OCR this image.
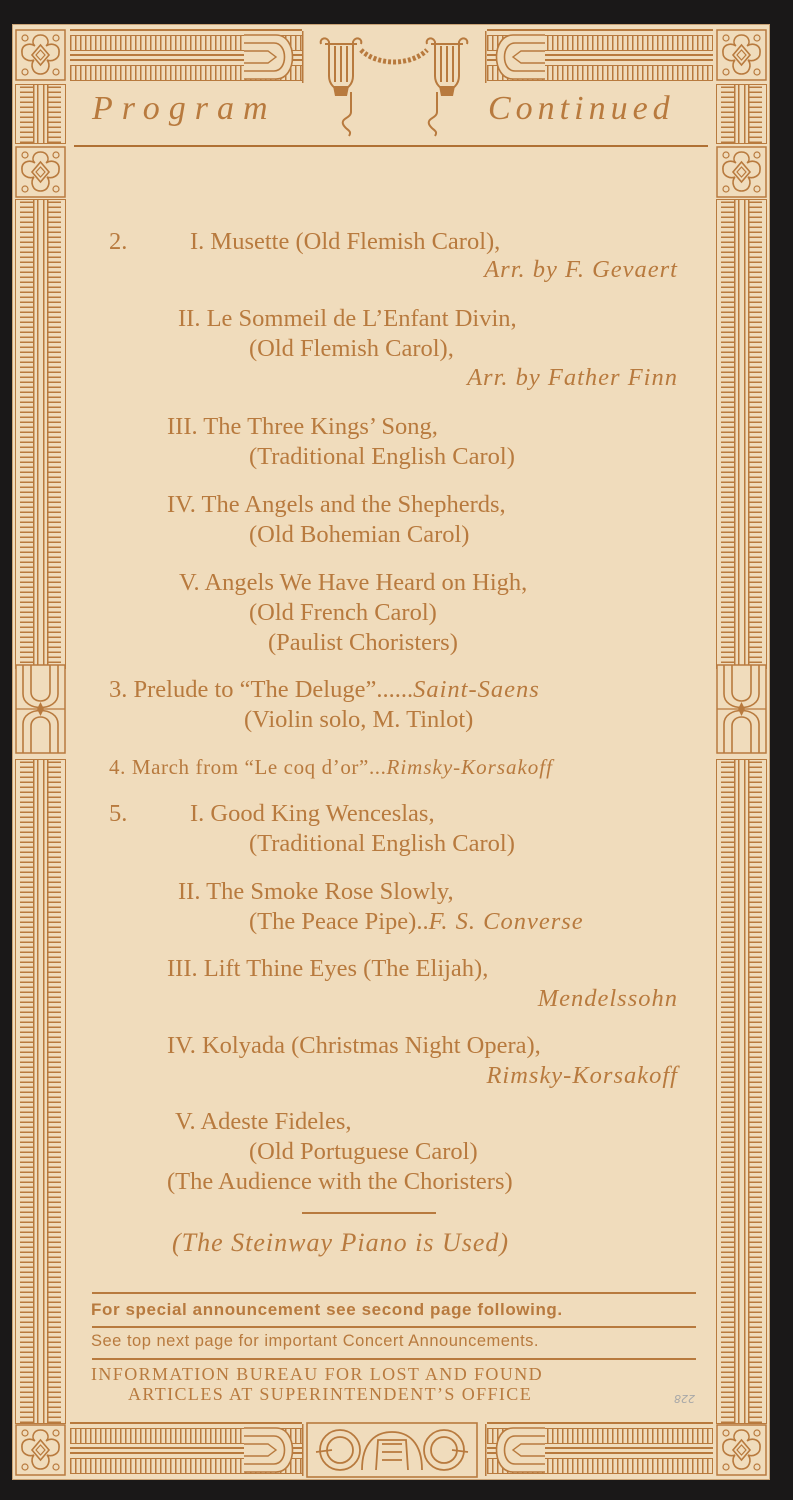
Program	Continued
2.	I. Musette (Old Flemish Carol),
Arr. by F. Gevaert
II. Le Sommeil de L’Enfant Divin,
(Old Flemish Carol),
Arr. by Father Finn
III. The Three Kings’ Song,
(Traditional English Carol)
IV. The Angels and the Shepherds,
(Old Bohemian Carol)
V. Angels We Have Heard on High,
(Old French Carol)
(Paulist Choristers)
3. Prelude to “The Deluge”......Saint-Saens
(Violin solo, M. Tinlot)
4. March from “Le coq d’or”...Rimsky-Korsakoff
5.	I. Good King Wenceslas,
(Traditional English Carol)
II. The Smoke Rose Slowly,
(The Peace Pipe)..F. S. Converse
III. Lift Thine Eyes (The Elijah),
Mendelssohn
IV. Kolyada (Christmas Night Opera),
Rimsky-Korsakoff
V. Adeste Fideles,
(Old Portuguese Carol)
(The Audience with the Choristers)
(The Steinway Piano is Used)
For special announcement see second page following.
See top next page for important Concert Announcements.
INFORMATION BUREAU FOR LOST AND FOUND
ARTICLES AT SUPERINTENDENT’S OFFICE	228
